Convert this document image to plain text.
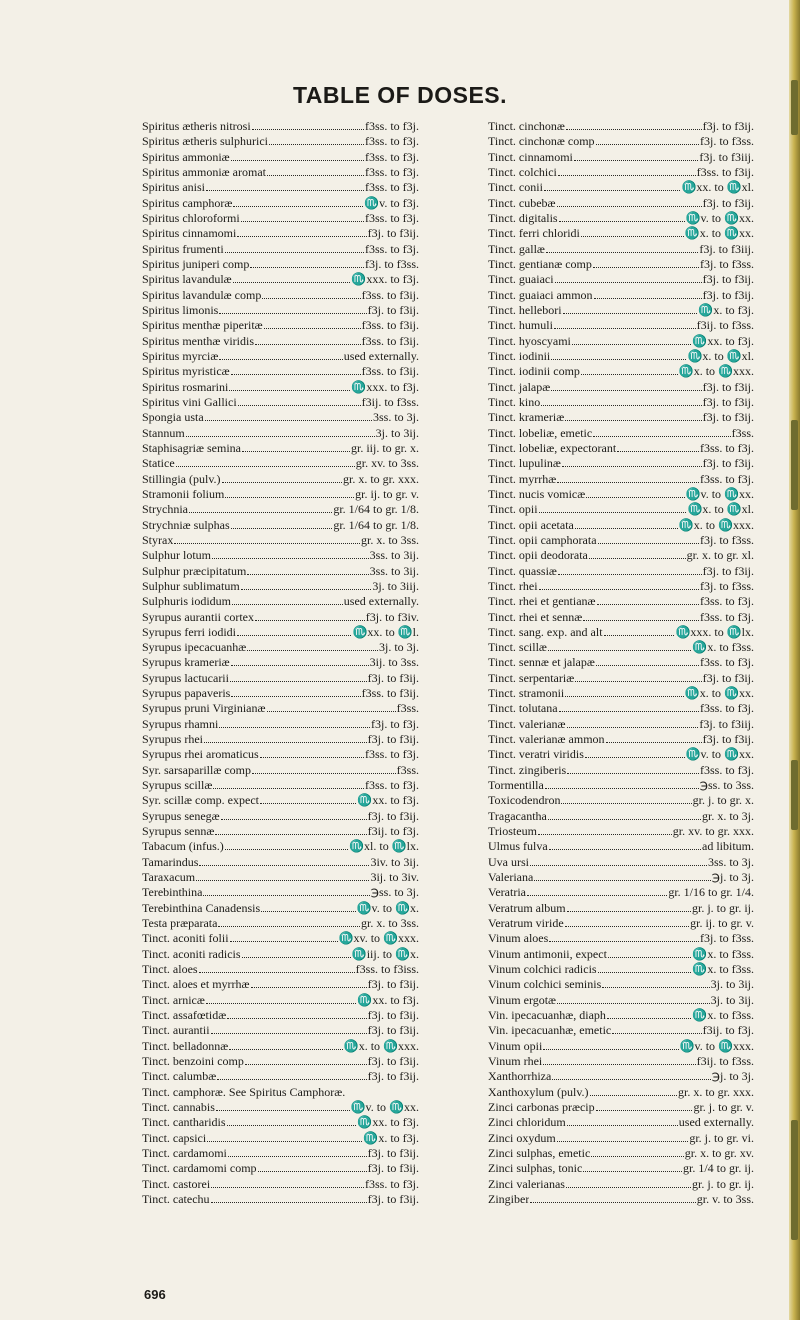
TABLE OF DOSES.
Spiritus ætheris nitrosi	f3ss. to f3j.
Spiritus ætheris sulphurici	f3ss. to f3j.
Spiritus ammoniæ	f3ss. to f3j.
Spiritus ammoniæ aromat	f3ss. to f3j.
Spiritus anisi	f3ss. to f3j.
Spiritus camphoræ	♏v. to f3j.
Spiritus chloroformi	f3ss. to f3j.
Spiritus cinnamomi	f3j. to f3ij.
Spiritus frumenti	f3ss. to f3j.
Spiritus juniperi comp	f3j. to f3ss.
Spiritus lavandulæ	♏xxx. to f3j.
Spiritus lavandulæ comp	f3ss. to f3ij.
Spiritus limonis	f3j. to f3ij.
Spiritus menthæ piperitæ	f3ss. to f3ij.
Spiritus menthæ viridis	f3ss. to f3ij.
Spiritus myrciæ	used externally.
Spiritus myristicæ	f3ss. to f3ij.
Spiritus rosmarini	♏xxx. to f3j.
Spiritus vini Gallici	f3ij. to f3ss.
Spongia usta	3ss. to 3j.
Stannum	3j. to 3ij.
Staphisagriæ semina	gr. iij. to gr. x.
Statice	gr. xv. to 3ss.
Stillingia (pulv.)	gr. x. to gr. xxx.
Stramonii folium	gr. ij. to gr. v.
Strychnia	gr. 1/64 to gr. 1/8.
Strychniæ sulphas	gr. 1/64 to gr. 1/8.
Styrax	gr. x. to 3ss.
Sulphur lotum	3ss. to 3ij.
Sulphur præcipitatum	3ss. to 3ij.
Sulphur sublimatum	3j. to 3iij.
Sulphuris iodidum	used externally.
Syrupus aurantii cortex	f3j. to f3iv.
Syrupus ferri iodidi	♏xx. to ♏l.
Syrupus ipecacuanhæ	3j. to 3j.
Syrupus krameriæ	3ij. to 3ss.
Syrupus lactucarii	f3j. to f3ij.
Syrupus papaveris	f3ss. to f3ij.
Syrupus pruni Virginianæ	f3ss.
Syrupus rhamni	f3j. to f3j.
Syrupus rhei	f3j. to f3ij.
Syrupus rhei aromaticus	f3ss. to f3j.
Syr. sarsaparillæ comp	f3ss.
Syrupus scillæ	f3ss. to f3j.
Syr. scillæ comp. expect	♏xx. to f3j.
Syrupus senegæ	f3j. to f3ij.
Syrupus sennæ	f3ij. to f3j.
Tabacum (infus.)	♏xl. to ♏lx.
Tamarindus	3iv. to 3ij.
Taraxacum	3ij. to 3iv.
Terebinthina	℈ss. to 3j.
Terebinthina Canadensis	♏v. to ♏x.
Testa præparata	gr. x. to 3ss.
Tinct. aconiti folii	♏xv. to ♏xxx.
Tinct. aconiti radicis	♏iij. to ♏x.
Tinct. aloes	f3ss. to f3iss.
Tinct. aloes et myrrhæ	f3j. to f3ij.
Tinct. arnicæ	♏xx. to f3j.
Tinct. assafœtidæ	f3j. to f3ij.
Tinct. aurantii	f3j. to f3ij.
Tinct. belladonnæ	♏x. to ♏xxx.
Tinct. benzoini comp	f3j. to f3ij.
Tinct. calumbæ	f3j. to f3ij.
Tinct. camphoræ. See Spiritus Camphoræ.
Tinct. cannabis	♏v. to ♏xx.
Tinct. cantharidis	♏xx. to f3j.
Tinct. capsici	♏x. to f3j.
Tinct. cardamomi	f3j. to f3ij.
Tinct. cardamomi comp	f3j. to f3ij.
Tinct. castorei	f3ss. to f3j.
Tinct. catechu	f3j. to f3ij.
Tinct. cinchonæ	f3j. to f3ij.
Tinct. cinchonæ comp	f3j. to f3ss.
Tinct. cinnamomi	f3j. to f3iij.
Tinct. colchici	f3ss. to f3ij.
Tinct. conii	♏xx. to ♏xl.
Tinct. cubebæ	f3j. to f3ij.
Tinct. digitalis	♏v. to ♏xx.
Tinct. ferri chloridi	♏x. to ♏xx.
Tinct. gallæ	f3j. to f3iij.
Tinct. gentianæ comp	f3j. to f3ss.
Tinct. guaiaci	f3j. to f3ij.
Tinct. guaiaci ammon	f3j. to f3ij.
Tinct. hellebori	♏x. to f3j.
Tinct. humuli	f3ij. to f3ss.
Tinct. hyoscyami	♏xx. to f3j.
Tinct. iodinii	♏x. to ♏xl.
Tinct. iodinii comp	♏x. to ♏xxx.
Tinct. jalapæ	f3j. to f3ij.
Tinct. kino	f3j. to f3ij.
Tinct. krameriæ	f3j. to f3ij.
Tinct. lobeliæ, emetic	f3ss.
Tinct. lobeliæ, expectorant	f3ss. to f3j.
Tinct. lupulinæ	f3j. to f3ij.
Tinct. myrrhæ	f3ss. to f3j.
Tinct. nucis vomicæ	♏v. to ♏xx.
Tinct. opii	♏x. to ♏xl.
Tinct. opii acetata	♏x. to ♏xxx.
Tinct. opii camphorata	f3j. to f3ss.
Tinct. opii deodorata	gr. x. to gr. xl.
Tinct. quassiæ	f3j. to f3ij.
Tinct. rhei	f3j. to f3ss.
Tinct. rhei et gentianæ	f3ss. to f3j.
Tinct. rhei et sennæ	f3ss. to f3j.
Tinct. sang. exp. and alt	♏xxx. to ♏lx.
Tinct. scillæ	♏x. to f3ss.
Tinct. sennæ et jalapæ	f3ss. to f3j.
Tinct. serpentariæ	f3j. to f3ij.
Tinct. stramonii	♏x. to ♏xx.
Tinct. tolutana	f3ss. to f3j.
Tinct. valerianæ	f3j. to f3iij.
Tinct. valerianæ ammon	f3j. to f3ij.
Tinct. veratri viridis	♏v. to ♏xx.
Tinct. zingiberis	f3ss. to f3j.
Tormentilla	℈ss. to 3ss.
Toxicodendron	gr. j. to gr. x.
Tragacantha	gr. x. to 3j.
Triosteum	gr. xv. to gr. xxx.
Ulmus fulva	ad libitum.
Uva ursi	3ss. to 3j.
Valeriana	℈j. to 3j.
Veratria	gr. 1/16 to gr. 1/4.
Veratrum album	gr. j. to gr. ij.
Veratrum viride	gr. ij. to gr. v.
Vinum aloes	f3j. to f3ss.
Vinum antimonii, expect	♏x. to f3ss.
Vinum colchici radicis	♏x. to f3ss.
Vinum colchici seminis	3j. to 3ij.
Vinum ergotæ	3j. to 3ij.
Vin. ipecacuanhæ, diaph	♏x. to f3ss.
Vin. ipecacuanhæ, emetic	f3ij. to f3j.
Vinum opii	♏v. to ♏xxx.
Vinum rhei	f3ij. to f3ss.
Xanthorrhiza	℈j. to 3j.
Xanthoxylum (pulv.)	gr. x. to gr. xxx.
Zinci carbonas præcip	gr. j. to gr. v.
Zinci chloridum	used externally.
Zinci oxydum	gr. j. to gr. vi.
Zinci sulphas, emetic	gr. x. to gr. xv.
Zinci sulphas, tonic	gr. 1/4 to gr. ij.
Zinci valerianas	gr. j. to gr. ij.
Zingiber	gr. v. to 3ss.
696
